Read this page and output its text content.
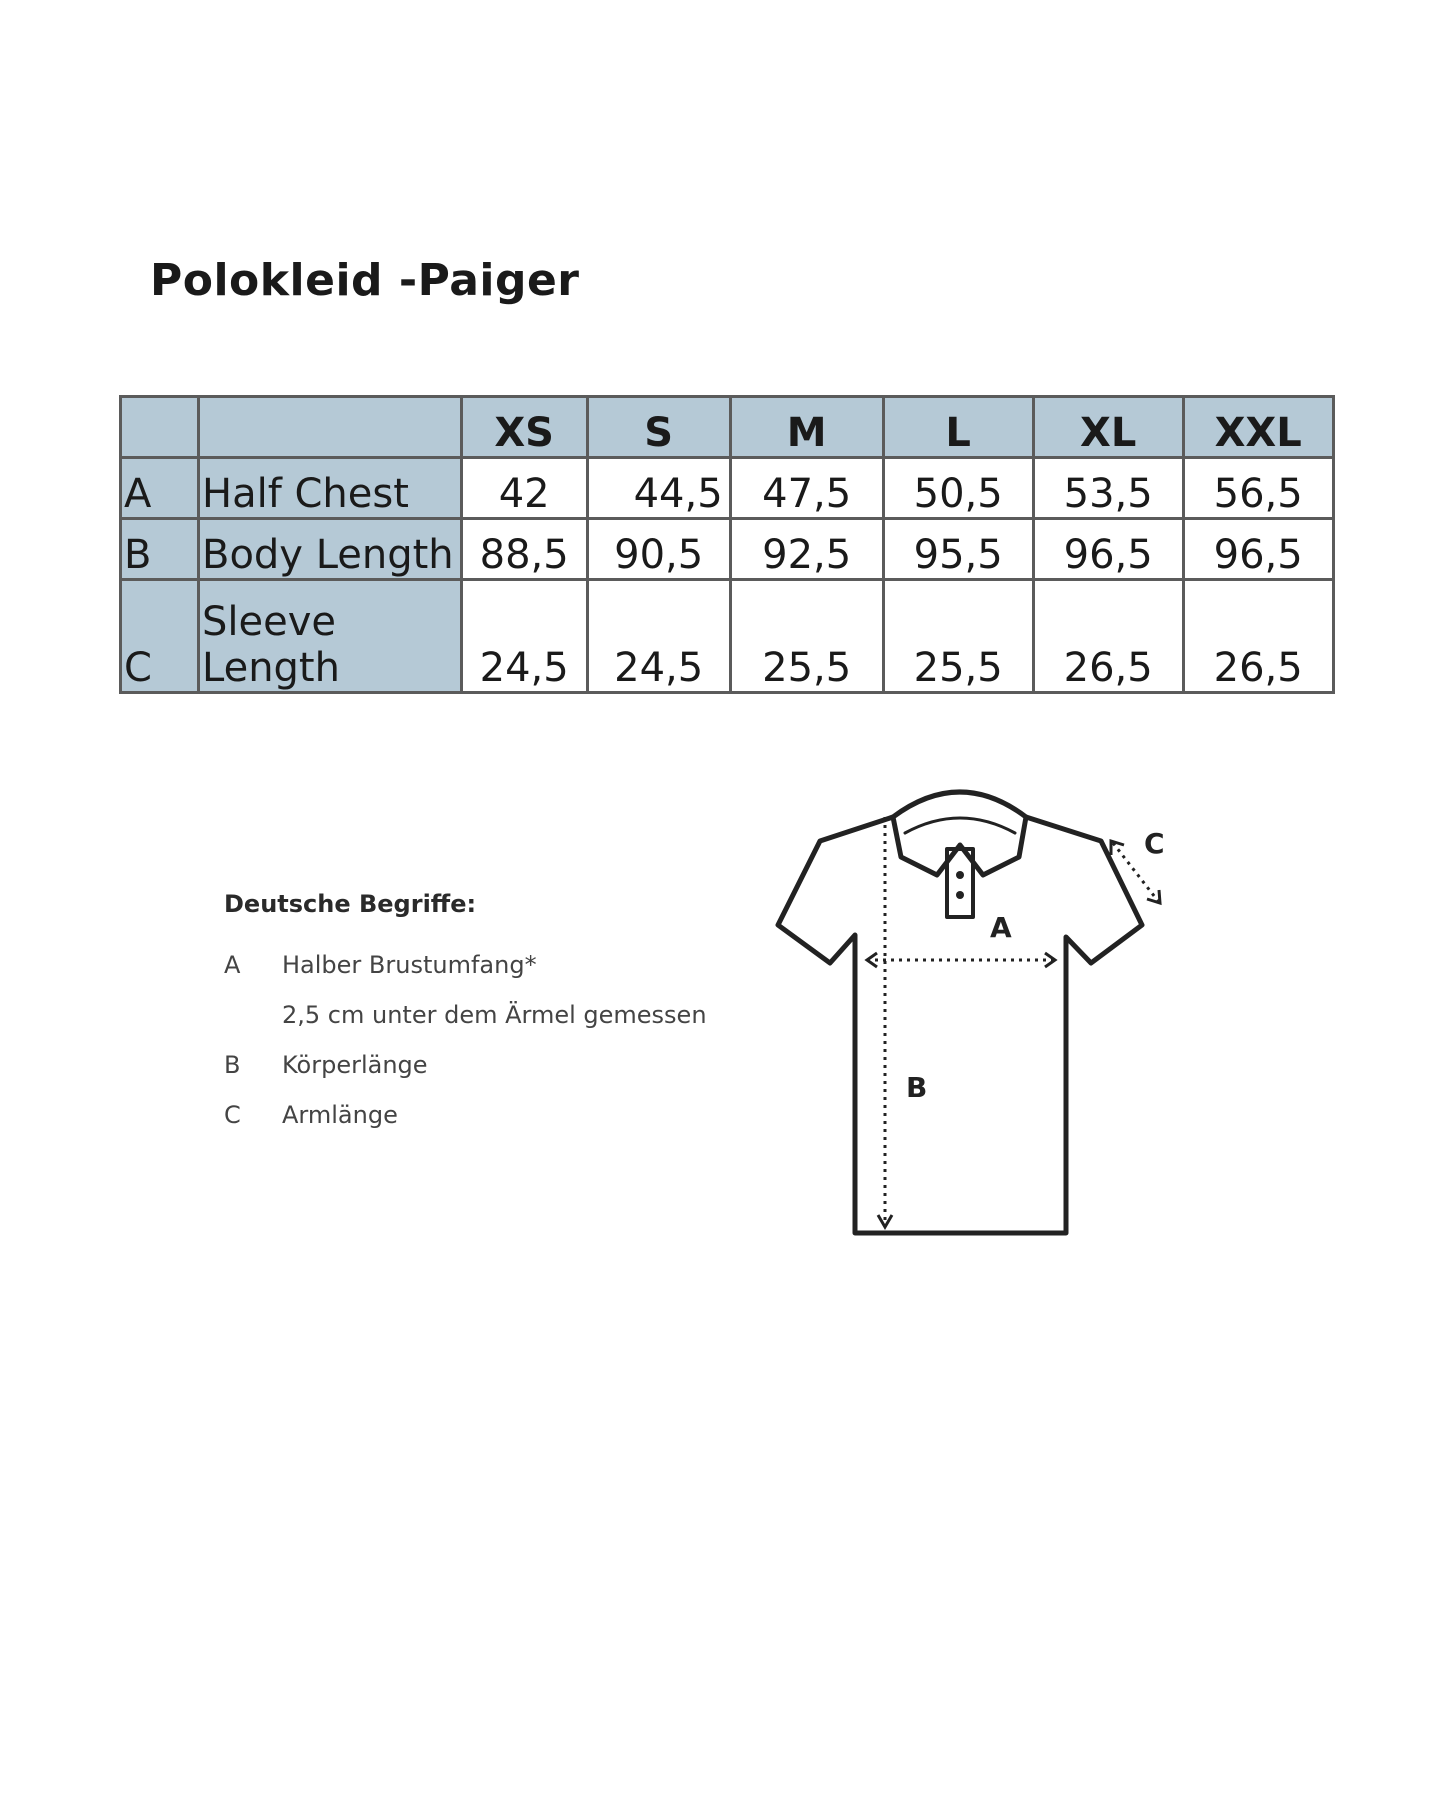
Polokleid -Paiger
		XS	S	M	L	XL	XXL
A	Half Chest	42	44,5	47,5	50,5	53,5	56,5
B	Body Length	88,5	90,5	92,5	95,5	96,5	96,5
C	Sleeve Length	24,5	24,5	25,5	25,5	26,5	26,5
Deutsche Begriffe:
A	Halber Brustumfang*
2,5 cm unter dem Ärmel gemessen
B	Körperlänge
C	Armlänge
A
B
C
